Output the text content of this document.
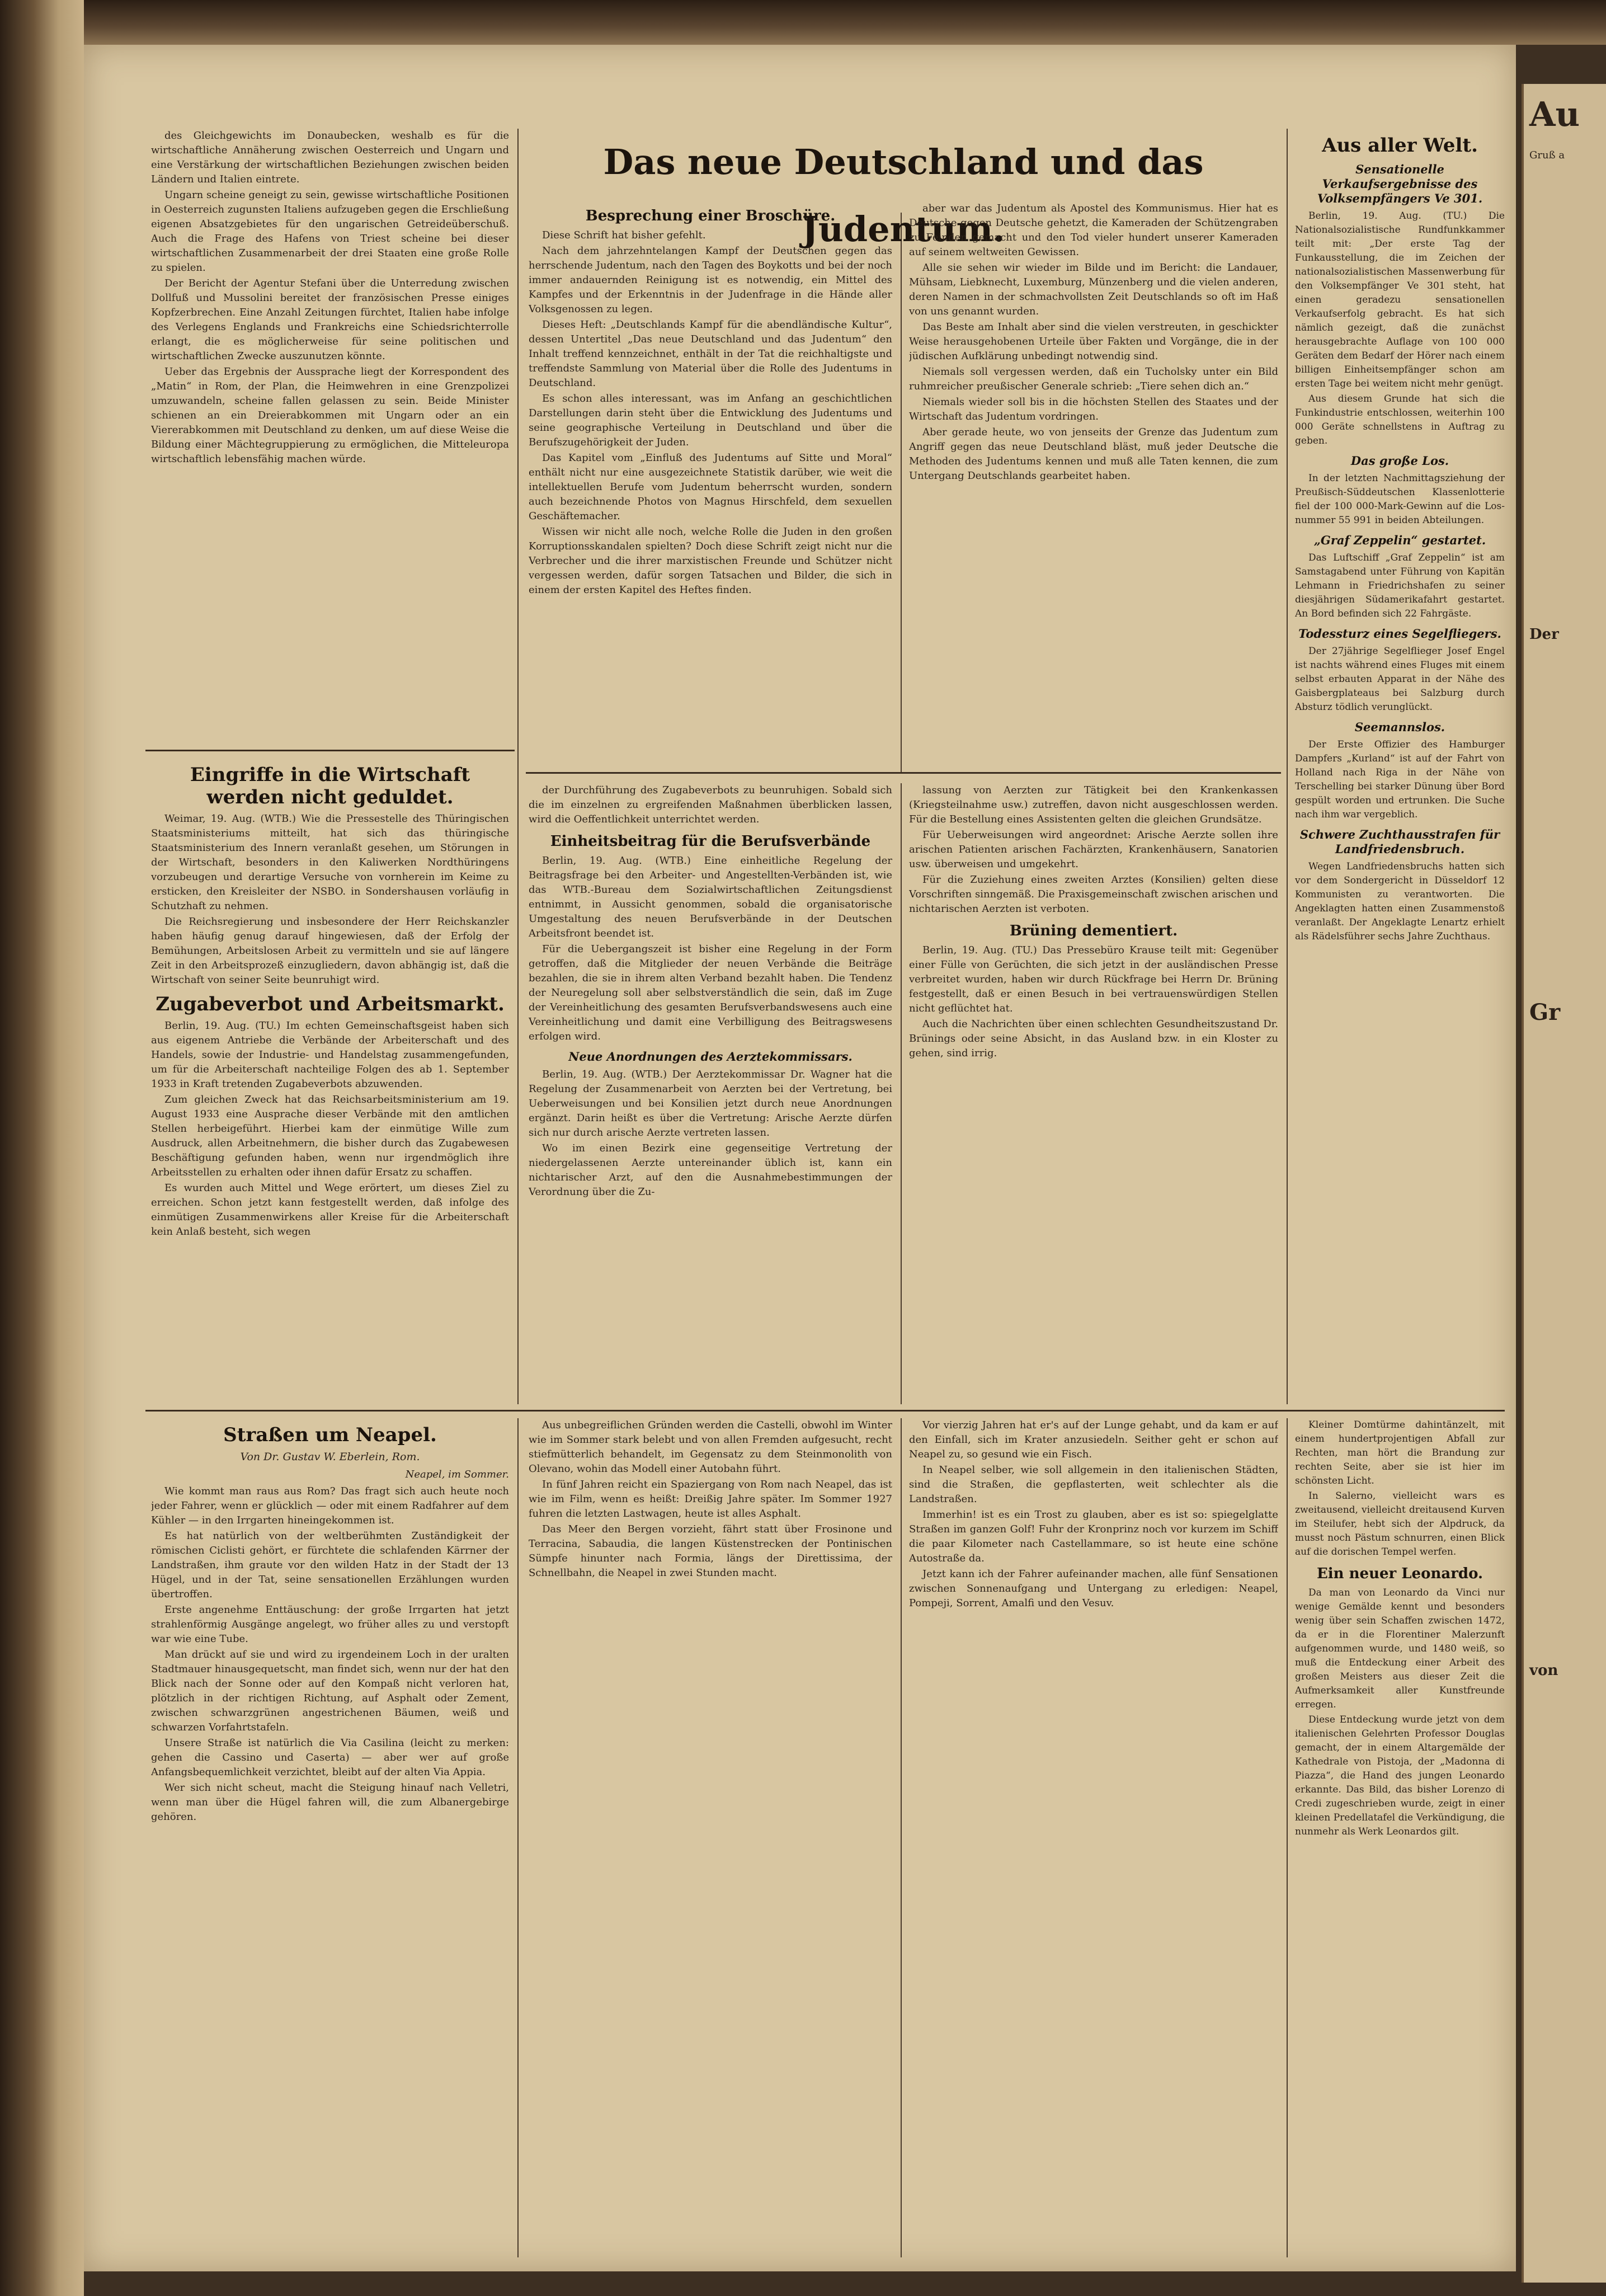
des Gleichgewichts im Donaubecken, weshalb es für die wirtschaftliche Annäherung zwischen Oesterreich und Ungarn und eine Verstärkung der wirtschaftlichen Beziehungen zwischen beiden Ländern und Italien eintrete.

Ungarn scheine geneigt zu sein, gewisse wirtschaftliche Positionen in Oesterreich zugunsten Italiens aufzugeben gegen die Erschließung eigenen Absatzgebietes für den ungarischen Getreideüberschuß. Auch die Frage des Hafens von Triest scheine bei dieser wirtschaftlichen Zusammenarbeit der drei Staaten eine große Rolle zu spielen.

Der Bericht der Agentur Stefani über die Unterredung zwischen Dollfuß und Mussolini bereitet der französischen Presse einiges Kopfzerbrechen. Eine Anzahl Zeitungen fürchtet, Italien habe infolge des Verlegens Englands und Frankreichs eine Schiedsrichterrolle erlangt, die es möglicherweise für seine politischen und wirtschaftlichen Zwecke auszunutzen könnte.

Ueber das Ergebnis der Aussprache liegt der Korrespondent des „Matin“ in Rom, der Plan, die Heimwehren in eine Grenzpolizei umzuwandeln, scheine fallen gelassen zu sein. Beide Minister schienen an ein Dreierabkommen mit Ungarn oder an ein Viererabkommen mit Deutschland zu denken, um auf diese Weise die Bildung einer Mächtegruppierung zu ermöglichen, die Mitteleuropa wirtschaftlich lebensfähig machen würde.

Das neue Deutschland und das Judentum.
Besprechung einer Broschüre.

Diese Schrift hat bisher gefehlt.

Nach dem jahrzehntelangen Kampf der Deutschen gegen das herrschende Judentum, nach den Tagen des Boykotts und bei der noch immer andauernden Reinigung ist es notwendig, ein Mittel des Kampfes und der Erkenntnis in der Judenfrage in die Hände aller Volksgenossen zu legen.

Dieses Heft: „Deutschlands Kampf für die abendländische Kultur“, dessen Untertitel „Das neue Deutschland und das Judentum“ den Inhalt treffend kennzeichnet, enthält in der Tat die reichhaltigste und treffendste Sammlung von Material über die Rolle des Judentums in Deutschland.

Es schon alles interessant, was im Anfang an geschichtlichen Darstellungen darin steht über die Entwicklung des Judentums und seine geographische Verteilung in Deutschland und über die Berufszugehörigkeit der Juden.

Das Kapitel vom „Einfluß des Judentums auf Sitte und Moral“ enthält nicht nur eine ausgezeichnete Statistik darüber, wie weit die intellektuellen Berufe vom Judentum beherrscht wurden, sondern auch bezeichnende Photos von Magnus Hirschfeld, dem sexuellen Geschäftemacher.

Wissen wir nicht alle noch, welche Rolle die Juden in den großen Korruptionsskandalen spielten? Doch diese Schrift zeigt nicht nur die Verbrecher und die ihrer marxistischen Freunde und Schützer nicht vergessen werden, dafür sorgen Tatsachen und Bilder, die sich in einem der ersten Kapitel des Heftes finden.

aber war das Judentum als Apostel des Kommunismus. Hier hat es Deutsche gegen Deutsche gehetzt, die Kameraden der Schützengraben zu Feinden gemacht und den Tod vieler hundert unserer Kameraden auf seinem weltweiten Gewissen.

Alle sie sehen wir wieder im Bilde und im Bericht: die Landauer, Mühsam, Liebknecht, Luxemburg, Münzenberg und die vielen anderen, deren Namen in der schmachvollsten Zeit Deutschlands so oft im Haß von uns genannt wurden.

Das Beste am Inhalt aber sind die vielen verstreuten, in geschickter Weise herausgehobenen Urteile über Fakten und Vorgänge, die in der jüdischen Aufklärung unbedingt notwendig sind.

Niemals soll vergessen werden, daß ein Tucholsky unter ein Bild ruhmreicher preußischer Generale schrieb: „Tiere sehen dich an.“

Niemals wieder soll bis in die höchsten Stellen des Staates und der Wirtschaft das Judentum vordringen.

Aber gerade heute, wo von jenseits der Grenze das Judentum zum Angriff gegen das neue Deutschland bläst, muß jeder Deutsche die Methoden des Judentums kennen und muß alle Taten kennen, die zum Untergang Deutschlands gearbeitet haben.

Eingriffe in die Wirtschaft werden nicht geduldet.

Weimar, 19. Aug. (WTB.) Wie die Pressestelle des Thüringischen Staatsministeriums mitteilt, hat sich das thüringische Staatsministerium des Innern veranlaßt gesehen, um Störungen in der Wirtschaft, besonders in den Kaliwerken Nordthüringens vorzubeugen und derartige Versuche von vornherein im Keime zu ersticken, den Kreisleiter der NSBO. in Sondershausen vorläufig in Schutzhaft zu nehmen.

Die Reichsregierung und insbesondere der Herr Reichskanzler haben häufig genug darauf hingewiesen, daß der Erfolg der Bemühungen, Arbeitslosen Arbeit zu vermitteln und sie auf längere Zeit in den Arbeitsprozeß einzugliedern, davon abhängig ist, daß die Wirtschaft von seiner Seite beunruhigt wird.

Zugabeverbot und Arbeitsmarkt.

Berlin, 19. Aug. (TU.) Im echten Gemeinschaftsgeist haben sich aus eigenem Antriebe die Verbände der Arbeiterschaft und des Handels, sowie der Industrie- und Handelstag zusammengefunden, um für die Arbeiterschaft nachteilige Folgen des ab 1. September 1933 in Kraft tretenden Zugabeverbots abzuwenden.

Zum gleichen Zweck hat das Reichsarbeitsministerium am 19. August 1933 eine Ausprache dieser Verbände mit den amtlichen Stellen herbeigeführt. Hierbei kam der einmütige Wille zum Ausdruck, allen Arbeitnehmern, die bisher durch das Zugabewesen Beschäftigung gefunden haben, wenn nur irgendmöglich ihre Arbeitsstellen zu erhalten oder ihnen dafür Ersatz zu schaffen.

Es wurden auch Mittel und Wege erörtert, um dieses Ziel zu erreichen. Schon jetzt kann festgestellt werden, daß infolge des einmütigen Zusammenwirkens aller Kreise für die Arbeiterschaft kein Anlaß besteht, sich wegen

der Durchführung des Zugabeverbots zu beunruhigen. Sobald sich die im einzelnen zu ergreifenden Maßnahmen überblicken lassen, wird die Oeffentlichkeit unterrichtet werden.

Einheitsbeitrag für die Berufsverbände

Berlin, 19. Aug. (WTB.) Eine einheitliche Regelung der Beitragsfrage bei den Arbeiter- und Angestellten-Verbänden ist, wie das WTB.-Bureau dem Sozialwirtschaftlichen Zeitungsdienst entnimmt, in Aussicht genommen, sobald die organisatorische Umgestaltung des neuen Berufsverbände in der Deutschen Arbeitsfront beendet ist.

Für die Uebergangszeit ist bisher eine Regelung in der Form getroffen, daß die Mitglieder der neuen Verbände die Beiträge bezahlen, die sie in ihrem alten Verband bezahlt haben. Die Tendenz der Neuregelung soll aber selbstverständlich die sein, daß im Zuge der Vereinheitlichung des gesamten Berufsverbandswesens auch eine Vereinheitlichung und damit eine Verbilligung des Beitragswesens erfolgen wird.

Neue Anordnungen des Aerztekommissars.

Berlin, 19. Aug. (WTB.) Der Aerztekommissar Dr. Wagner hat die Regelung der Zusammenarbeit von Aerzten bei der Vertretung, bei Ueberweisungen und bei Konsilien jetzt durch neue Anordnungen ergänzt. Darin heißt es über die Vertretung: Arische Aerzte dürfen sich nur durch arische Aerzte vertreten lassen.

Wo im einen Bezirk eine gegenseitige Vertretung der niedergelassenen Aerzte untereinander üblich ist, kann ein nichtarischer Arzt, auf den die Ausnahmebestimmungen der Verordnung über die Zu-

lassung von Aerzten zur Tätigkeit bei den Krankenkassen (Kriegsteilnahme usw.) zutreffen, davon nicht ausgeschlossen werden. Für die Bestellung eines Assistenten gelten die gleichen Grundsätze.

Für Ueberweisungen wird angeordnet: Arische Aerzte sollen ihre arischen Patienten arischen Fachärzten, Krankenhäusern, Sanatorien usw. überweisen und umgekehrt.

Für die Zuziehung eines zweiten Arztes (Konsilien) gelten diese Vorschriften sinngemäß. Die Praxisgemeinschaft zwischen arischen und nichtarischen Aerzten ist verboten.

Brüning dementiert.

Berlin, 19. Aug. (TU.) Das Pressebüro Krause teilt mit: Gegenüber einer Fülle von Gerüchten, die sich jetzt in der ausländischen Presse verbreitet wurden, haben wir durch Rückfrage bei Herrn Dr. Brüning festgestellt, daß er einen Besuch in bei vertrauenswürdigen Stellen nicht geflüchtet hat.

Auch die Nachrichten über einen schlechten Gesundheitszustand Dr. Brünings oder seine Absicht, in das Ausland bzw. in ein Kloster zu gehen, sind irrig.

Aus aller Welt.
Sensationelle Verkaufsergebnisse des Volksempfängers Ve 301.

Berlin, 19. Aug. (TU.) Die Nationalsozialistische Rundfunkkammer teilt mit: „Der erste Tag der Funkausstellung, die im Zeichen der nationalsozialistischen Massenwerbung für den Volksempfänger Ve 301 steht, hat einen geradezu sensationellen Verkaufserfolg gebracht. Es hat sich nämlich gezeigt, daß die zunächst herausgebrachte Auflage von 100 000 Geräten dem Bedarf der Hörer nach einem billigen Einheitsempfänger schon am ersten Tage bei weitem nicht mehr genügt.

Aus diesem Grunde hat sich die Funkindustrie entschlossen, weiterhin 100 000 Geräte schnellstens in Auftrag zu geben.

Das große Los.

In der letzten Nachmittagsziehung der Preußisch-Süddeutschen Klassenlotterie fiel der 100 000-Mark-Gewinn auf die Los-nummer 55 991 in beiden Abteilungen.

„Graf Zeppelin“ gestartet.

Das Luftschiff „Graf Zeppelin“ ist am Samstagabend unter Führung von Kapitän Lehmann in Friedrichshafen zu seiner diesjährigen Südamerikafahrt gestartet. An Bord befinden sich 22 Fahrgäste.

Todessturz eines Segelfliegers.

Der 27jährige Segelflieger Josef Engel ist nachts während eines Fluges mit einem selbst erbauten Apparat in der Nähe des Gaisbergplateaus bei Salzburg durch Absturz tödlich verunglückt.

Seemannslos.

Der Erste Offizier des Hamburger Dampfers „Kurland“ ist auf der Fahrt von Holland nach Riga in der Nähe von Terschelling bei starker Dünung über Bord gespült worden und ertrunken. Die Suche nach ihm war vergeblich.

Schwere Zuchthausstrafen für Landfriedensbruch.

Wegen Landfriedensbruchs hatten sich vor dem Sondergericht in Düsseldorf 12 Kommunisten zu verantworten. Die Angeklagten hatten einen Zusammenstoß veranlaßt. Der Angeklagte Lenartz erhielt als Rädelsführer sechs Jahre Zuchthaus.

Straßen um Neapel.
Von Dr. Gustav W. Eberlein, Rom.
Neapel, im Sommer.

Wie kommt man raus aus Rom? Das fragt sich auch heute noch jeder Fahrer, wenn er glücklich — oder mit einem Radfahrer auf dem Kühler — in den Irrgarten hineingekommen ist.

Es hat natürlich von der weltberühmten Zuständigkeit der römischen Ciclisti gehört, er fürchtete die schlafenden Kärrner der Landstraßen, ihm graute vor den wilden Hatz in der Stadt der 13 Hügel, und in der Tat, seine sensationellen Erzählungen wurden übertroffen.

Erste angenehme Enttäuschung: der große Irrgarten hat jetzt strahlenförmig Ausgänge angelegt, wo früher alles zu und verstopft war wie eine Tube.

Man drückt auf sie und wird zu irgendeinem Loch in der uralten Stadtmauer hinausgequetscht, man findet sich, wenn nur der hat den Blick nach der Sonne oder auf den Kompaß nicht verloren hat, plötzlich in der richtigen Richtung, auf Asphalt oder Zement, zwischen schwarzgrünen angestrichenen Bäumen, weiß und schwarzen Vorfahrtstafeln.

Unsere Straße ist natürlich die Via Casilina (leicht zu merken: gehen die Cassino und Caserta) — aber wer auf große Anfangsbequemlichkeit verzichtet, bleibt auf der alten Via Appia.

Wer sich nicht scheut, macht die Steigung hinauf nach Velletri, wenn man über die Hügel fahren will, die zum Albanergebirge gehören.

Aus unbegreiflichen Gründen werden die Castelli, obwohl im Winter wie im Sommer stark belebt und von allen Fremden aufgesucht, recht stiefmütterlich behandelt, im Gegensatz zu dem Steinmonolith von Olevano, wohin das Modell einer Autobahn führt.

In fünf Jahren reicht ein Spaziergang von Rom nach Neapel, das ist wie im Film, wenn es heißt: Dreißig Jahre später. Im Sommer 1927 fuhren die letzten Lastwagen, heute ist alles Asphalt.

Das Meer den Bergen vorzieht, fährt statt über Frosinone und Terracina, Sabaudia, die langen Küstenstrecken der Pontinischen Sümpfe hinunter nach Formia, längs der Direttissima, der Schnellbahn, die Neapel in zwei Stunden macht.

Vor vierzig Jahren hat er's auf der Lunge gehabt, und da kam er auf den Einfall, sich im Krater anzusiedeln. Seither geht er schon auf Neapel zu, so gesund wie ein Fisch.

In Neapel selber, wie soll allgemein in den italienischen Städten, sind die Straßen, die gepflasterten, weit schlechter als die Landstraßen.

Immerhin! ist es ein Trost zu glauben, aber es ist so: spiegelglatte Straßen im ganzen Golf! Fuhr der Kronprinz noch vor kurzem im Schiff die paar Kilometer nach Castellammare, so ist heute eine schöne Autostraße da.

Jetzt kann ich der Fahrer aufeinander machen, alle fünf Sensationen zwischen Sonnenaufgang und Untergang zu erledigen: Neapel, Pompeji, Sorrent, Amalfi und den Vesuv.

Kleiner Domtürme dahintänzelt, mit einem hundertprojentigen Abfall zur Rechten, man hört die Brandung zur rechten Seite, aber sie ist hier im schönsten Licht.

In Salerno, vielleicht wars es zweitausend, vielleicht dreitausend Kurven im Steilufer, hebt sich der Alpdruck, da musst noch Pästum schnurren, einen Blick auf die dorischen Tempel werfen.

Ein neuer Leonardo.

Da man von Leonardo da Vinci nur wenige Gemälde kennt und besonders wenig über sein Schaffen zwischen 1472, da er in die Florentiner Malerzunft aufgenommen wurde, und 1480 weiß, so muß die Entdeckung einer Arbeit des großen Meisters aus dieser Zeit die Aufmerksamkeit aller Kunstfreunde erregen.

Diese Entdeckung wurde jetzt von dem italienischen Gelehrten Professor Douglas gemacht, der in einem Altargemälde der Kathedrale von Pistoja, der „Madonna di Piazza“, die Hand des jungen Leonardo erkannte. Das Bild, das bisher Lorenzo di Credi zugeschrieben wurde, zeigt in einer kleinen Predellatafel die Verkündigung, die nunmehr als Werk Leonardos gilt.

Au
Gruß a
Der
Gr
von
